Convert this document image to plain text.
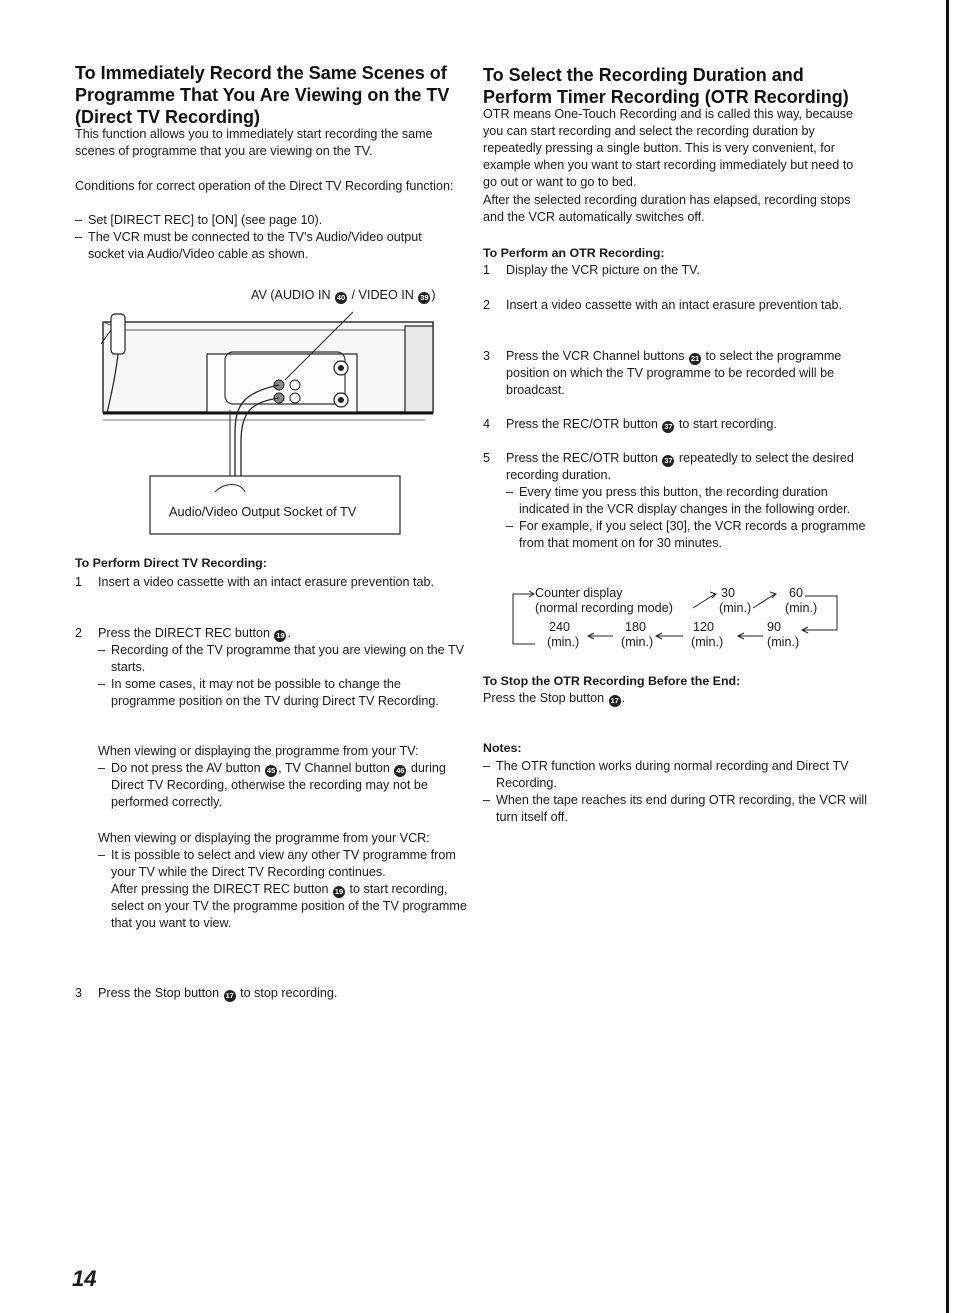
To Immediately Record the Same Scenes of Programme That You Are Viewing on the TV (Direct TV Recording)

This function allows you to immediately start recording the same scenes of programme that you are viewing on the TV.

Conditions for correct operation of the Direct TV Recording function:

– Set [DIRECT REC] to [ON] (see page 10).
– The VCR must be connected to the TV's Audio/Video output socket via Audio/Video cable as shown.
AV (AUDIO IN 40 / VIDEO IN 39 )
Audio/Video Output Socket of TV

To Perform Direct TV Recording:

1 Insert a video cassette with an intact erasure prevention tab.
2 Press the DIRECT REC button 19 .
– Recording of the TV programme that you are viewing on the TV starts.
– In some cases, it may not be possible to change the programme position on the TV during Direct TV Recording.
When viewing or displaying the programme from your TV:
– Do not press the AV button 45 , TV Channel button 46 during Direct TV Recording, otherwise the recording may not be performed correctly.
When viewing or displaying the programme from your VCR:
– It is possible to select and view any other TV programme from your TV while the Direct TV Recording continues.
After pressing the DIRECT REC button 19 to start recording, select on your TV the programme position of the TV programme that you want to view.
3 Press the Stop button 17 to stop recording.
To Select the Recording Duration and Perform Timer Recording (OTR Recording)

OTR means One-Touch Recording and is called this way, because you can start recording and select the recording duration by repeatedly pressing a single button. This is very convenient, for example when you want to start recording immediately but need to go out or want to go to bed.

After the selected recording duration has elapsed, recording stops and the VCR automatically switches off.

To Perform an OTR Recording:

1 Display the VCR picture on the TV.
2 Insert a video cassette with an intact erasure prevention tab.
3 Press the VCR Channel buttons 21 to select the programme position on which the TV programme to be recorded will be broadcast.
4 Press the REC/OTR button 37 to start recording.
5 Press the REC/OTR button 37 repeatedly to select the desired recording duration.
– Every time you press this button, the recording duration indicated in the VCR display changes in the following order.
– For example, if you select [30], the VCR records a programme from that moment on for 30 minutes.
Counter display
(normal recording mode)
30
(min.)
60
(min.)
90
(min.)
120
(min.)
180
(min.)
240
(min.)

To Stop the OTR Recording Before the End:

Press the Stop button 17 .

Notes:

– The OTR function works during normal recording and Direct TV Recording.
– When the tape reaches its end during OTR recording, the VCR will turn itself off.
14
